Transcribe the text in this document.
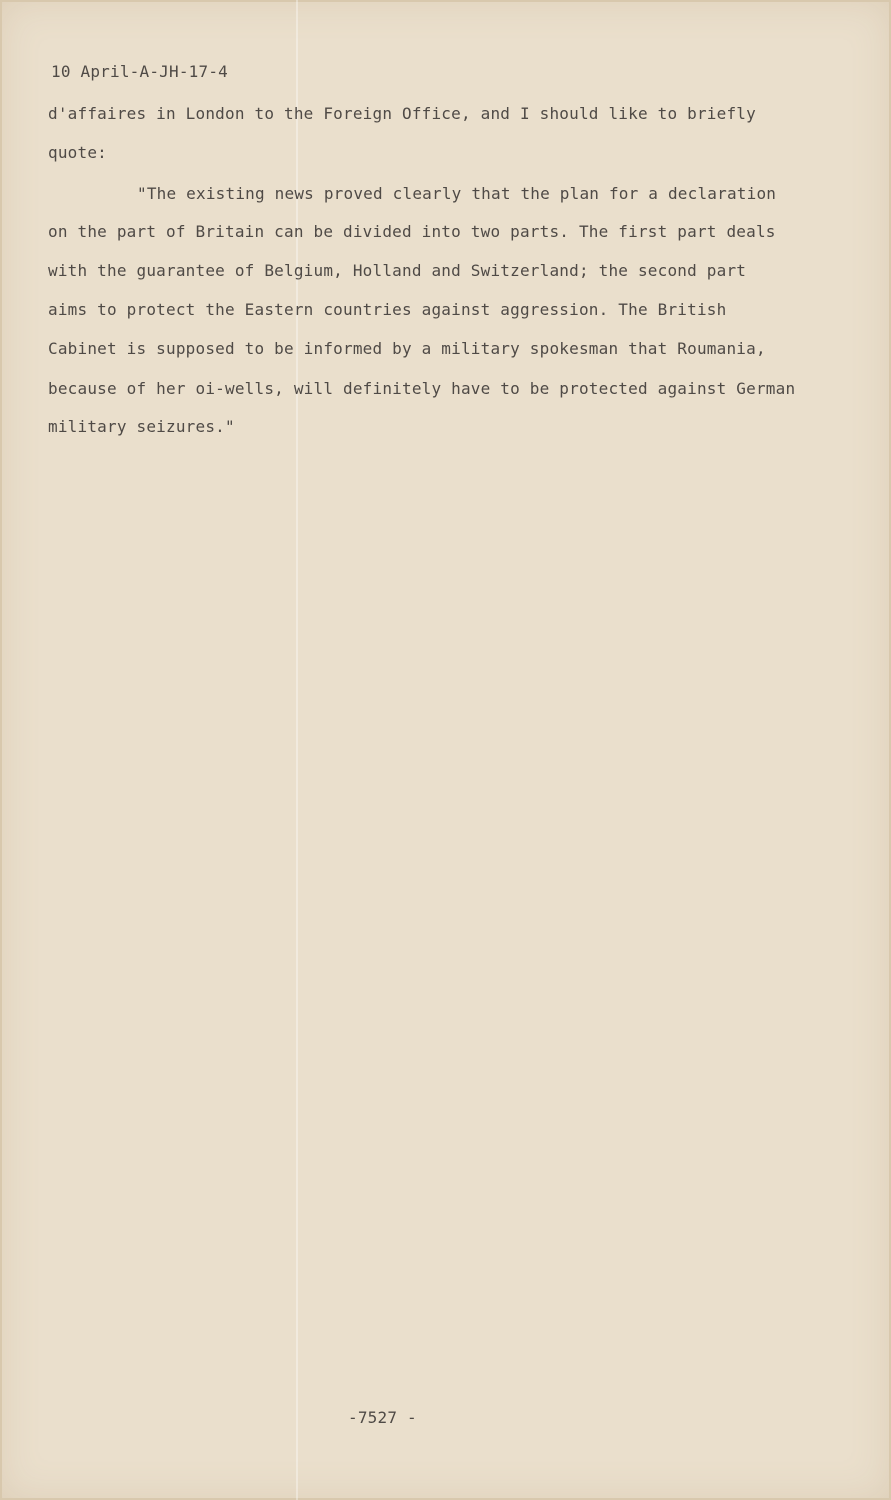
10 April-A-JH-17-4
d'affaires in London to the Foreign Office, and I should like to briefly
quote:
"The existing news proved clearly that the plan for a declaration
on the part of Britain can be divided into two parts. The first part deals
with the guarantee of Belgium, Holland and Switzerland; the second part
aims to protect the Eastern countries against aggression. The British
Cabinet is supposed to be informed by a military spokesman that Roumania,
because of her oi-wells, will definitely have to be protected against German
military seizures."
-7527 -
